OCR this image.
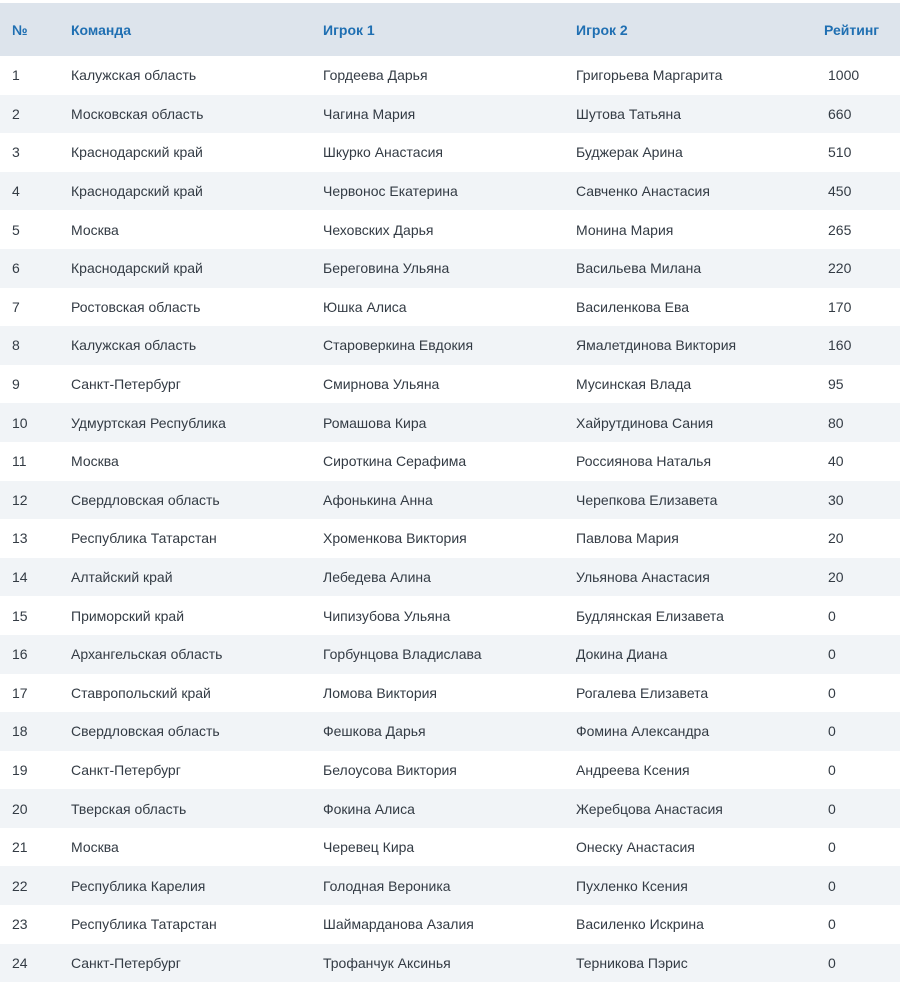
№	Команда	Игрок 1	Игрок 2	Рейтинг
1	Калужская область	Гордеева Дарья	Григорьева Маргарита	1000
2	Московская область	Чагина Мария	Шутова Татьяна	660
3	Краснодарский край	Шкурко Анастасия	Буджерак Арина	510
4	Краснодарский край	Червонос Екатерина	Савченко Анастасия	450
5	Москва	Чеховских Дарья	Монина Мария	265
6	Краснодарский край	Береговина Ульяна	Васильева Милана	220
7	Ростовская область	Юшка Алиса	Василенкова Ева	170
8	Калужская область	Староверкина Евдокия	Ямалетдинова Виктория	160
9	Санкт-Петербург	Смирнова Ульяна	Мусинская Влада	95
10	Удмуртская Республика	Ромашова Кира	Хайрутдинова Сания	80
11	Москва	Сироткина Серафима	Россиянова Наталья	40
12	Свердловская область	Афонькина Анна	Черепкова Елизавета	30
13	Республика Татарстан	Хроменкова Виктория	Павлова Мария	20
14	Алтайский край	Лебедева Алина	Ульянова Анастасия	20
15	Приморский край	Чипизубова Ульяна	Будлянская Елизавета	0
16	Архангельская область	Горбунцова Владислава	Докина Диана	0
17	Ставропольский край	Ломова Виктория	Рогалева Елизавета	0
18	Свердловская область	Фешкова Дарья	Фомина Александра	0
19	Санкт-Петербург	Белоусова Виктория	Андреева Ксения	0
20	Тверская область	Фокина Алиса	Жеребцова Анастасия	0
21	Москва	Черевец Кира	Онеску Анастасия	0
22	Республика Карелия	Голодная Вероника	Пухленко Ксения	0
23	Республика Татарстан	Шаймарданова Азалия	Василенко Искрина	0
24	Санкт-Петербург	Трофанчук Аксинья	Терникова Пэрис	0
